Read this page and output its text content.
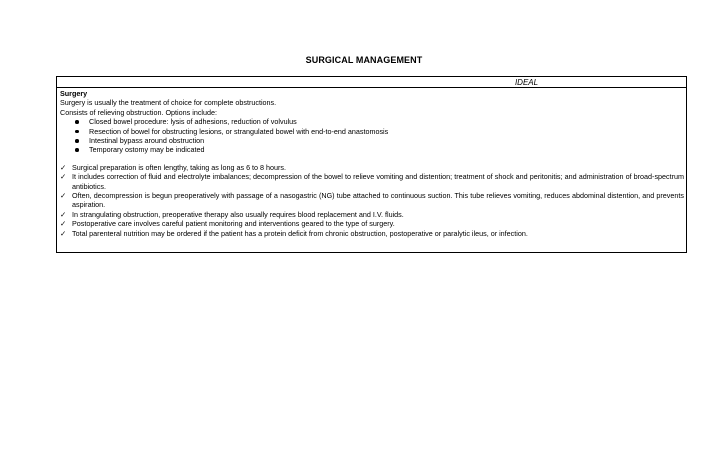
SURGICAL MANAGEMENT
IDEAL
Surgery
Surgery is usually the treatment of choice for complete obstructions.
Consists of relieving obstruction. Options include:
Closed bowel procedure: lysis of adhesions, reduction of volvulus
Resection of bowel for obstructing lesions, or strangulated bowel with end-to-end anastomosis
Intestinal bypass around obstruction
Temporary ostomy may be indicated
✓ Surgical preparation is often lengthy, taking as long as 6 to 8 hours.
✓ It includes correction of fluid and electrolyte imbalances; decompression of the bowel to relieve vomiting and distention; treatment of shock and peritonitis; and administration of broad-spectrum antibiotics.
✓ Often, decompression is begun preoperatively with passage of a nasogastric (NG) tube attached to continuous suction. This tube relieves vomiting, reduces abdominal distention, and prevents aspiration.
✓ In strangulating obstruction, preoperative therapy also usually requires blood replacement and I.V. fluids.
✓ Postoperative care involves careful patient monitoring and interventions geared to the type of surgery.
✓ Total parenteral nutrition may be ordered if the patient has a protein deficit from chronic obstruction, postoperative or paralytic ileus, or infection.
